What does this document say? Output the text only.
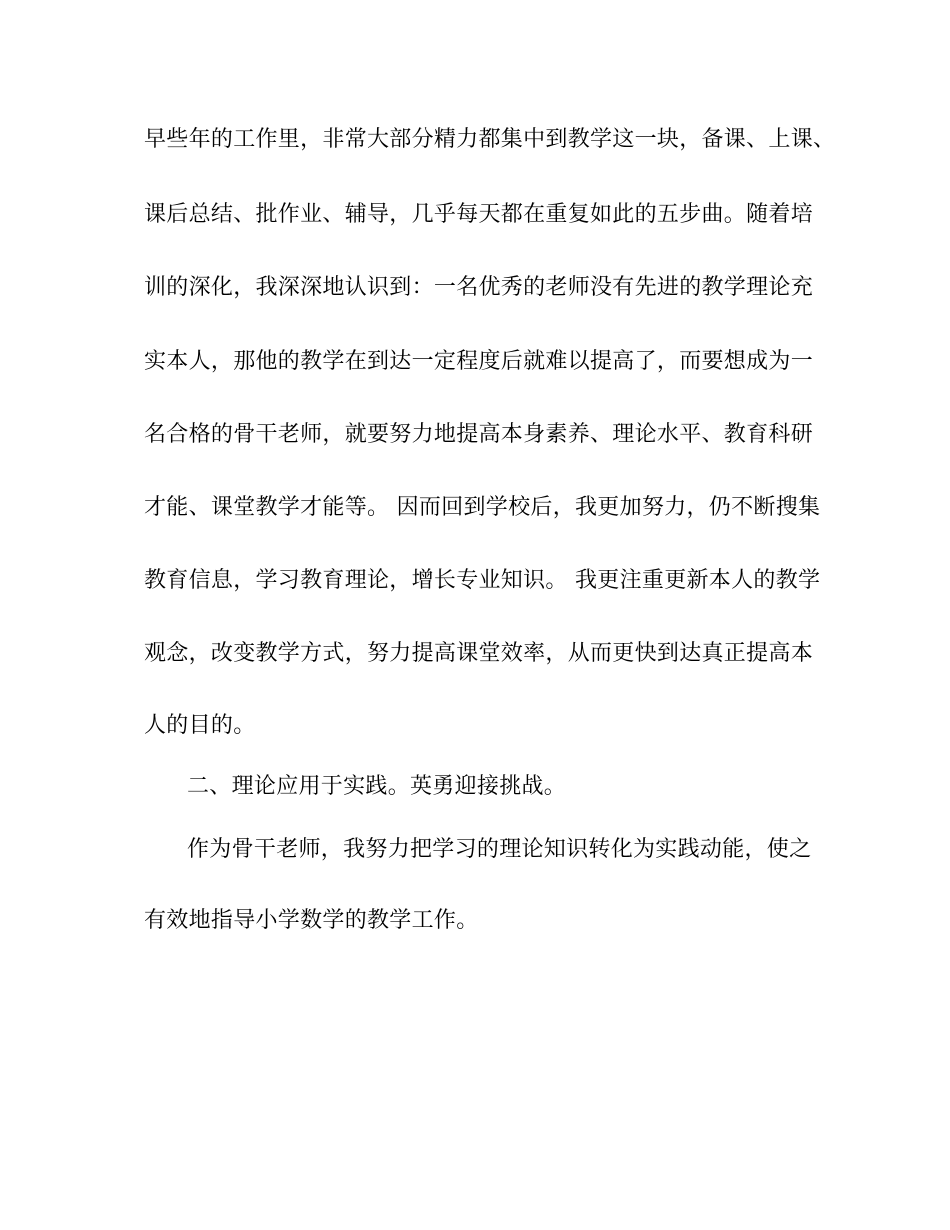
早些年的工作里，非常大部分精力都集中到教学这一块，备课、上课、
课后总结、批作业、辅导，几乎每天都在重复如此的五步曲。随着培
训的深化，我深深地认识到：一名优秀的老师没有先进的教学理论充
实本人，那他的教学在到达一定程度后就难以提高了，而要想成为一
名合格的骨干老师，就要努力地提高本身素养、理论水平、教育科研
才能、课堂教学才能等。 因而回到学校后，我更加努力，仍不断搜集
教育信息，学习教育理论，增长专业知识。 我更注重更新本人的教学
观念，改变教学方式，努力提高课堂效率，从而更快到达真正提高本
人的目的。
二、理论应用于实践。英勇迎接挑战。
作为骨干老师，我努力把学习的理论知识转化为实践动能，使之
有效地指导小学数学的教学工作。
